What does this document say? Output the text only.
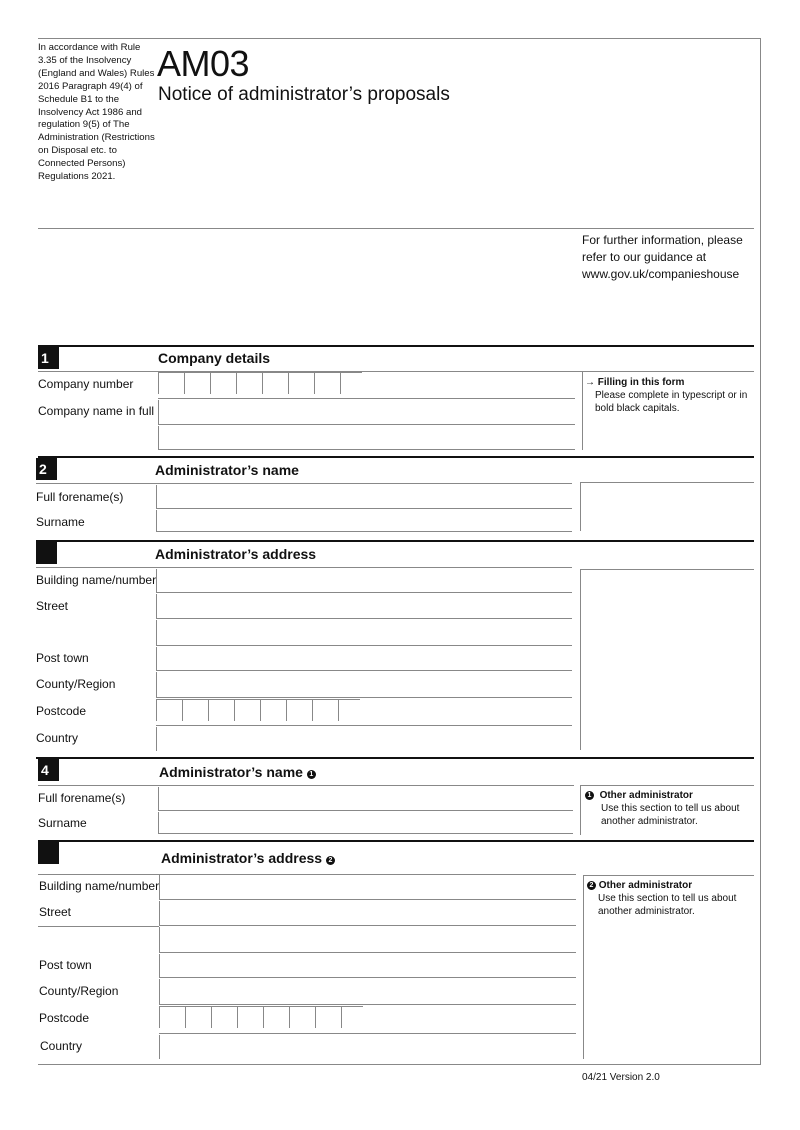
In accordance with Rule 3.35 of the Insolvency (England and Wales) Rules 2016 Paragraph 49(4) of Schedule B1 to the Insolvency Act 1986 and regulation 9(5) of The Administration (Restrictions on Disposal etc. to Connected Persons) Regulations 2021.
AM03
Notice of administrator’s proposals
For further information, please
refer to our guidance at
www.gov.uk/companieshouse
1	Company details
Company number
Company name in full
→ Filling in this form
Please complete in typescript or in bold black capitals.
2	Administrator’s name
Full forename(s)
Surname
Administrator’s address
Building name/number
Street
Post town
County/Region
Postcode
Country
4	Administrator’s name 1
Full forename(s)
Surname
1 Other administrator
Use this section to tell us about another administrator.
Administrator’s address 2
Building name/number
Street
Post town
County/Region
Postcode
Country
2 Other administrator
Use this section to tell us about another administrator.
04/21 Version 2.0
